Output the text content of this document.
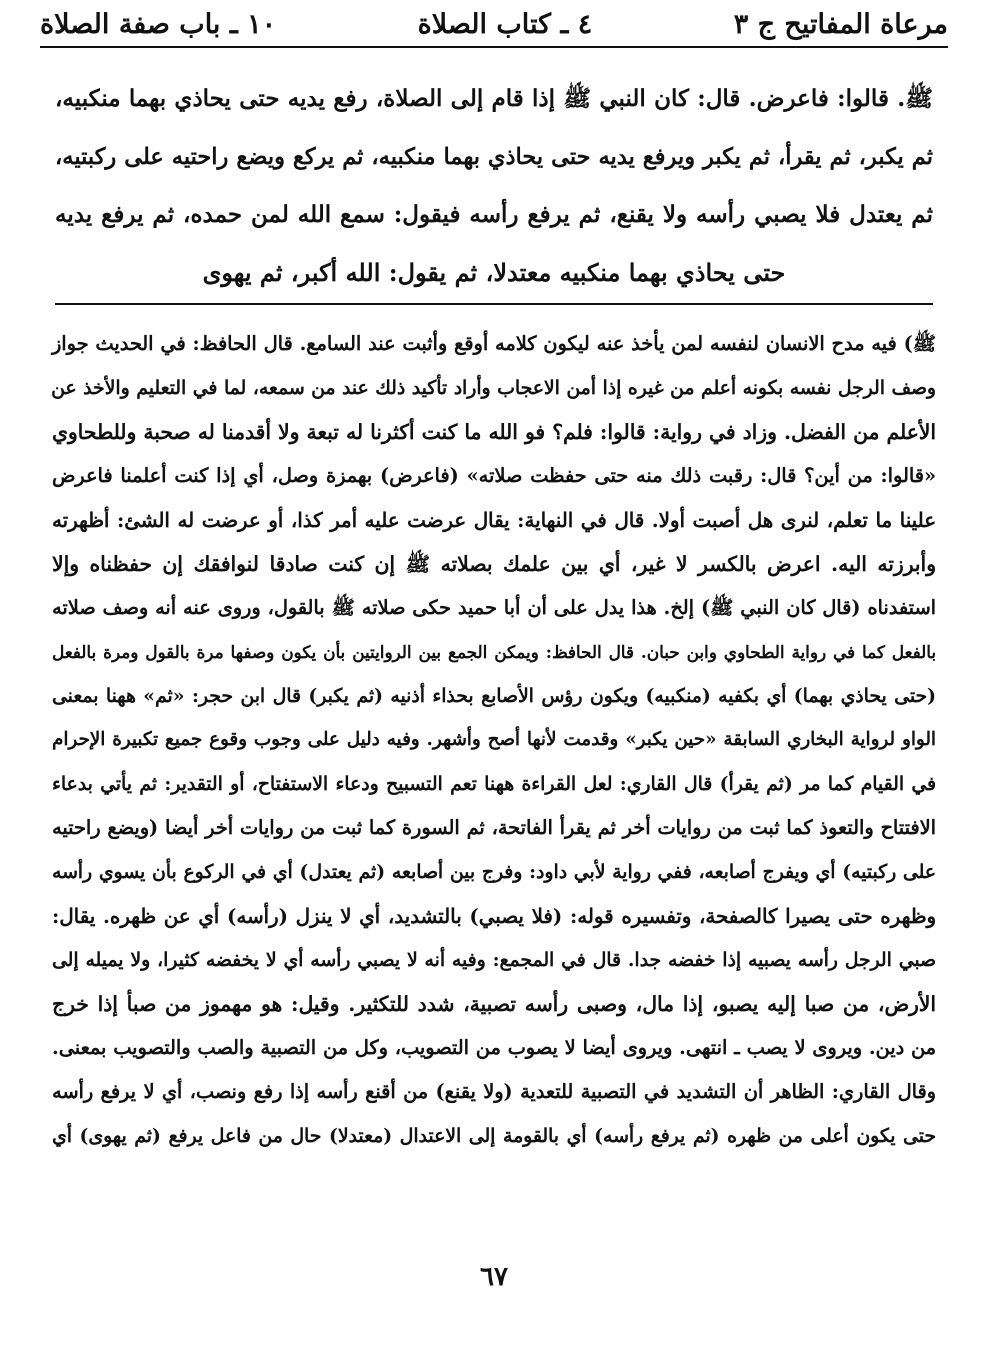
مرعاة المفاتيح ج ٣
٤ ـ كتاب الصلاة
١٠ ـ باب صفة الصلاة
ﷺ. قالوا: فاعرض. قال: كان النبي ﷺ إذا قام إلى الصلاة، رفع يديه حتى يحاذي بهما منكبيه،
ثم يكبر، ثم يقرأ، ثم يكبر ويرفع يديه حتى يحاذي بهما منكبيه، ثم يركع ويضع راحتيه على ركبتيه،
ثم يعتدل فلا يصبي رأسه ولا يقنع، ثم يرفع رأسه فيقول: سمع الله لمن حمده، ثم يرفع يديه
حتى يحاذي بهما منكبيه معتدلا، ثم يقول: الله أكبر، ثم يهوى
ﷺ) فيه مدح الانسان لنفسه لمن يأخذ عنه ليكون كلامه أوقع وأثبت عند السامع. قال الحافظ: في الحديث جواز
وصف الرجل نفسه بكونه أعلم من غيره إذا أمن الاعجاب وأراد تأكيد ذلك عند من سمعه، لما في التعليم والأخذ عن
الأعلم من الفضل. وزاد في رواية: قالوا: فلم؟ فو الله ما كنت أكثرنا له تبعة ولا أقدمنا له صحبة وللطحاوي
«قالوا: من أين؟ قال: رقبت ذلك منه حتى حفظت صلاته» (فاعرض) بهمزة وصل، أي إذا كنت أعلمنا فاعرض
علينا ما تعلم، لنرى هل أصبت أولا. قال في النهاية: يقال عرضت عليه أمر كذا، أو عرضت له الشئ: أظهرته
وأبرزته اليه. اعرض بالكسر لا غير، أي بين علمك بصلاته ﷺ إن كنت صادقا لنوافقك إن حفظناه وإلا
استفدناه (قال كان النبي ﷺ) إلخ. هذا يدل على أن أبا حميد حكى صلاته ﷺ بالقول، وروى عنه أنه وصف صلاته
بالفعل كما في رواية الطحاوي وابن حبان. قال الحافظ: ويمكن الجمع بين الروايتين بأن يكون وصفها مرة بالقول ومرة بالفعل
(حتى يحاذي بهما) أي بكفيه (منكبيه) ويكون رؤس الأصابع بحذاء أذنيه (ثم يكبر) قال ابن حجر: «ثم» ههنا بمعنى
الواو لرواية البخاري السابقة «حين يكبر» وقدمت لأنها أصح وأشهر. وفيه دليل على وجوب وقوع جميع تكبيرة الإحرام
في القيام كما مر (ثم يقرأ) قال القاري: لعل القراءة ههنا تعم التسبيح ودعاء الاستفتاح، أو التقدير: ثم يأتي بدعاء
الافتتاح والتعوذ كما ثبت من روايات أخر ثم يقرأ الفاتحة، ثم السورة كما ثبت من روايات أخر أيضا (ويضع راحتيه
على ركبتيه) أي ويفرج أصابعه، ففي رواية لأبي داود: وفرج بين أصابعه (ثم يعتدل) أي في الركوع بأن يسوي رأسه
وظهره حتى يصيرا كالصفحة، وتفسيره قوله: (فلا يصبي) بالتشديد، أي لا ينزل (رأسه) أي عن ظهره. يقال:
صبي الرجل رأسه يصبيه إذا خفضه جدا. قال في المجمع: وفيه أنه لا يصبي رأسه أي لا يخفضه كثيرا، ولا يميله إلى
الأرض، من صبا إليه يصبو، إذا مال، وصبى رأسه تصبية، شدد للتكثير. وقيل: هو مهموز من صبأ إذا خرج
من دين. ويروى لا يصب ـ انتهى. ويروى أيضا لا يصوب من التصويب، وكل من التصبية والصب والتصويب بمعنى.
وقال القاري: الظاهر أن التشديد في التصبية للتعدية (ولا يقنع) من أقنع رأسه إذا رفع ونصب، أي لا يرفع رأسه
حتى يكون أعلى من ظهره (ثم يرفع رأسه) أي بالقومة إلى الاعتدال (معتدلا) حال من فاعل يرفع (ثم يهوى) أي
٦٧
